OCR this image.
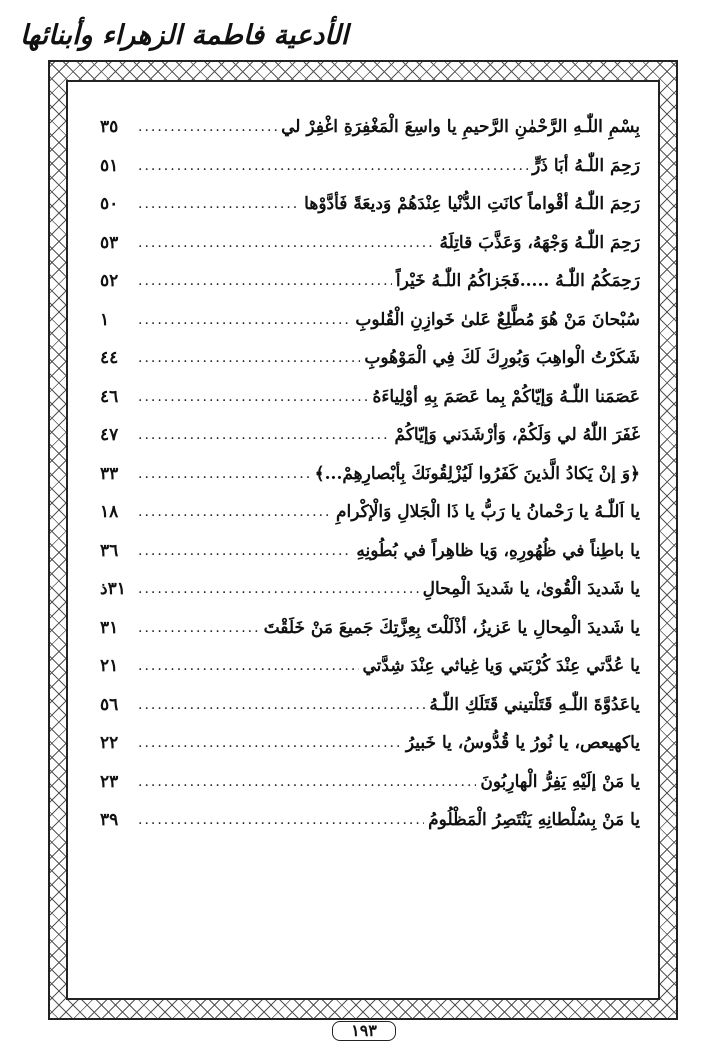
الأدعية فاطمة الزهراء وأبنائها
٣٥ .....	بِسْمِ اللّٰـهِ الرَّحْمٰنِ الرَّحيمِ يا واسِعَ الْمَغْفِرَةِ اغْفِرْ لي
٥١ .....	رَحِمَ اللّٰـهُ أبَا ذَرٍّ
٥٠ .....	رَحِمَ اللّٰـهُ أقْواماً كانَتِ الدُّنْيا عِنْدَهُمْ وَديعَةً فَأدَّوْها
٥٣ .....	رَحِمَ اللّٰـهُ وَجْهَهُ، وَعَذَّبَ قاتِلَهُ
٥٢ .....	رَحِمَكُمُ اللّٰـهُ .....فَجَزاكُمُ اللّٰـهُ خَيْراً
١ .....	سُبْحانَ مَنْ هُوَ مُطَّلِعٌ عَلىٰ خَوازِنِ الْقُلوبِ
٤٤ .....	شَكَرْتُ الْواهِبَ وَبُورِكَ لَكَ فِي الْمَوْهُوبِ
٤٦ .....	عَصَمَنا اللّٰـهُ وَإيّاكُمْ بِما عَصَمَ بِهِ أوْلِياءَهُ
٤٧ .....	غَفَرَ اللّٰهُ لي وَلَكُمْ، وَأرْشَدَني وَإيّاكُمْ
٣٣ .....	﴿وَ إنْ يَكادُ الَّذينَ كَفَرُوا لَيُزْلِقُونَكَ بِأبْصارِهِمْ...﴾
١٨ .....	يا اَللّٰـهُ يا رَحْمانُ يا رَبُّ يا ذَا الْجَلالِ وَالْإكْرامِ
٣٦ .....	يا باطِناً في ظُهُورِهِ، وَيا ظاهِراً في بُطُونِهِ
٣١ذ .....	يا شَديدَ الْقُوىٰ، يا شَديدَ الْمِحالِ
٣١ .....	يا شَديدَ الْمِحالِ يا عَزيزُ، أذْلَلْتَ بِعِزَّتِكَ جَميعَ مَنْ خَلَقْتَ
٢١ .....	يا عُدَّتي عِنْدَ كُرْبَتي وَيا غِياثي عِنْدَ شِدَّتي
٥٦ .....	ياعَدُوَّةَ اللّٰـهِ قَتَلْتيني قَتَلَكِ اللّٰـهُ
٢٢ .....	ياكهيعص، يا نُورُ يا قُدُّوسُ، يا خَبيرُ
٢٣ .....	يا مَنْ إلَيْهِ يَفِرُّ الْهارِبُونَ
٣٩ .....	يا مَنْ بِسُلْطانِهِ يَنْتَصِرُ الْمَظْلُومُ
١٩٣
